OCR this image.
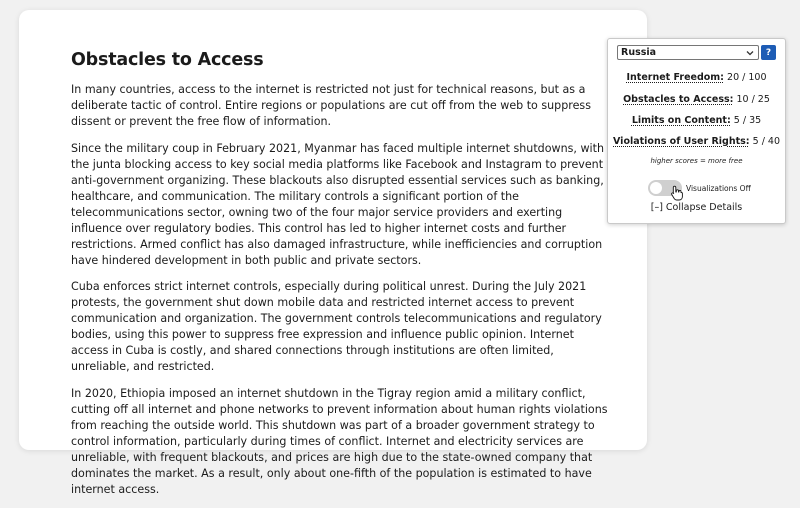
Obstacles to Access

In many countries, access to the internet is restricted not just for technical reasons, but as a deliberate tactic of control. Entire regions or populations are cut off from the web to suppress dissent or prevent the free flow of information.

Since the military coup in February 2021, Myanmar has faced multiple internet shutdowns, with the junta blocking access to key social media platforms like Facebook and Instagram to prevent anti-government organizing. These blackouts also disrupted essential services such as banking, healthcare, and communication. The military controls a significant portion of the telecommunications sector, owning two of the four major service providers and exerting influence over regulatory bodies. This control has led to higher internet costs and further restrictions. Armed conflict has also damaged infrastructure, while inefficiencies and corruption have hindered development in both public and private sectors.

Cuba enforces strict internet controls, especially during political unrest. During the July 2021 protests, the government shut down mobile data and restricted internet access to prevent communication and organization. The government controls telecommunications and regulatory bodies, using this power to suppress free expression and influence public opinion. Internet access in Cuba is costly, and shared connections through institutions are often limited, unreliable, and restricted.

In 2020, Ethiopia imposed an internet shutdown in the Tigray region amid a military conflict, cutting off all internet and phone networks to prevent information about human rights violations from reaching the outside world. This shutdown was part of a broader government strategy to control information, particularly during times of conflict. Internet and electricity services are unreliable, with frequent blackouts, and prices are high due to the state-owned company that dominates the market. As a result, only about one-fifth of the population is estimated to have internet access.

Russia	?
Internet Freedom: 20 / 100
Obstacles to Access: 10 / 25
Limits on Content: 5 / 35
Violations of User Rights: 5 / 40
higher scores = more free
Visualizations Off
[–] Collapse Details
